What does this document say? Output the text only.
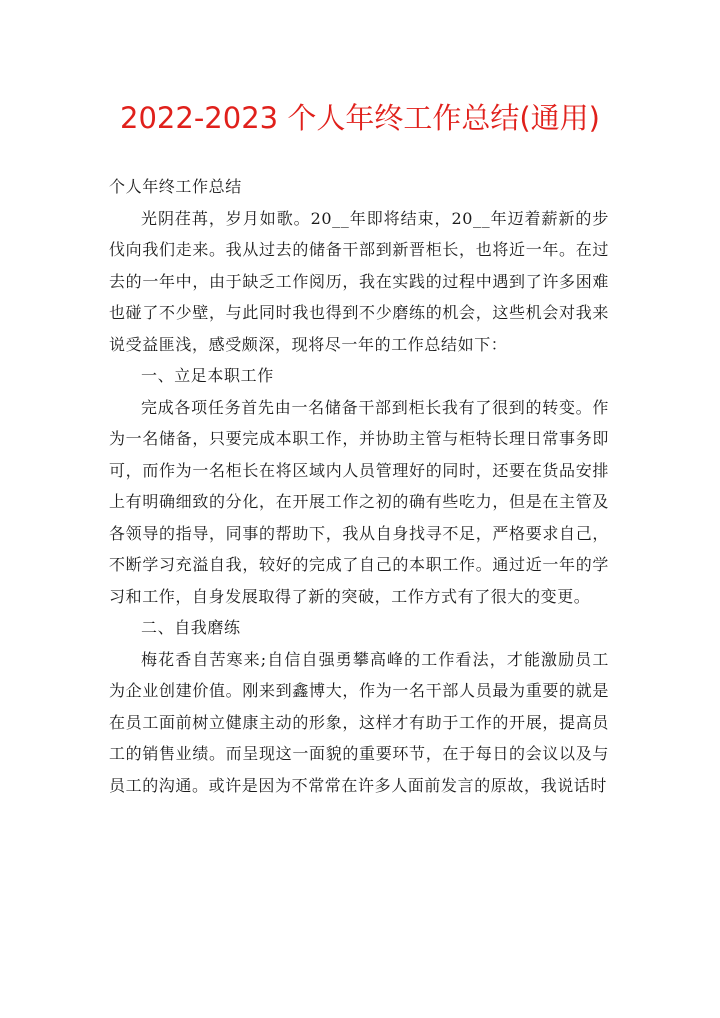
2022-2023 个人年终工作总结(通用)

个人年终工作总结

光阴荏苒，岁月如歌。20__年即将结束，20__年迈着薪新的步伐向我们走来。我从过去的储备干部到新晋柜长，也将近一年。在过去的一年中，由于缺乏工作阅历，我在实践的过程中遇到了许多困难也碰了不少壁，与此同时我也得到不少磨练的机会，这些机会对我来说受益匪浅，感受颇深，现将尽一年的工作总结如下：

一、立足本职工作

完成各项任务首先由一名储备干部到柜长我有了很到的转变。作为一名储备，只要完成本职工作，并协助主管与柜特长理日常事务即可，而作为一名柜长在将区域内人员管理好的同时，还要在货品安排上有明确细致的分化，在开展工作之初的确有些吃力，但是在主管及各领导的指导，同事的帮助下，我从自身找寻不足，严格要求自己，不断学习充溢自我，较好的完成了自己的本职工作。通过近一年的学习和工作，自身发展取得了新的突破，工作方式有了很大的变更。

二、自我磨练

梅花香自苦寒来;自信自强勇攀高峰的工作看法，才能激励员工为企业创建价值。刚来到鑫博大，作为一名干部人员最为重要的就是在员工面前树立健康主动的形象，这样才有助于工作的开展，提高员工的销售业绩。而呈现这一面貌的重要环节，在于每日的会议以及与员工的沟通。或许是因为不常常在许多人面前发言的原故，我说话时
